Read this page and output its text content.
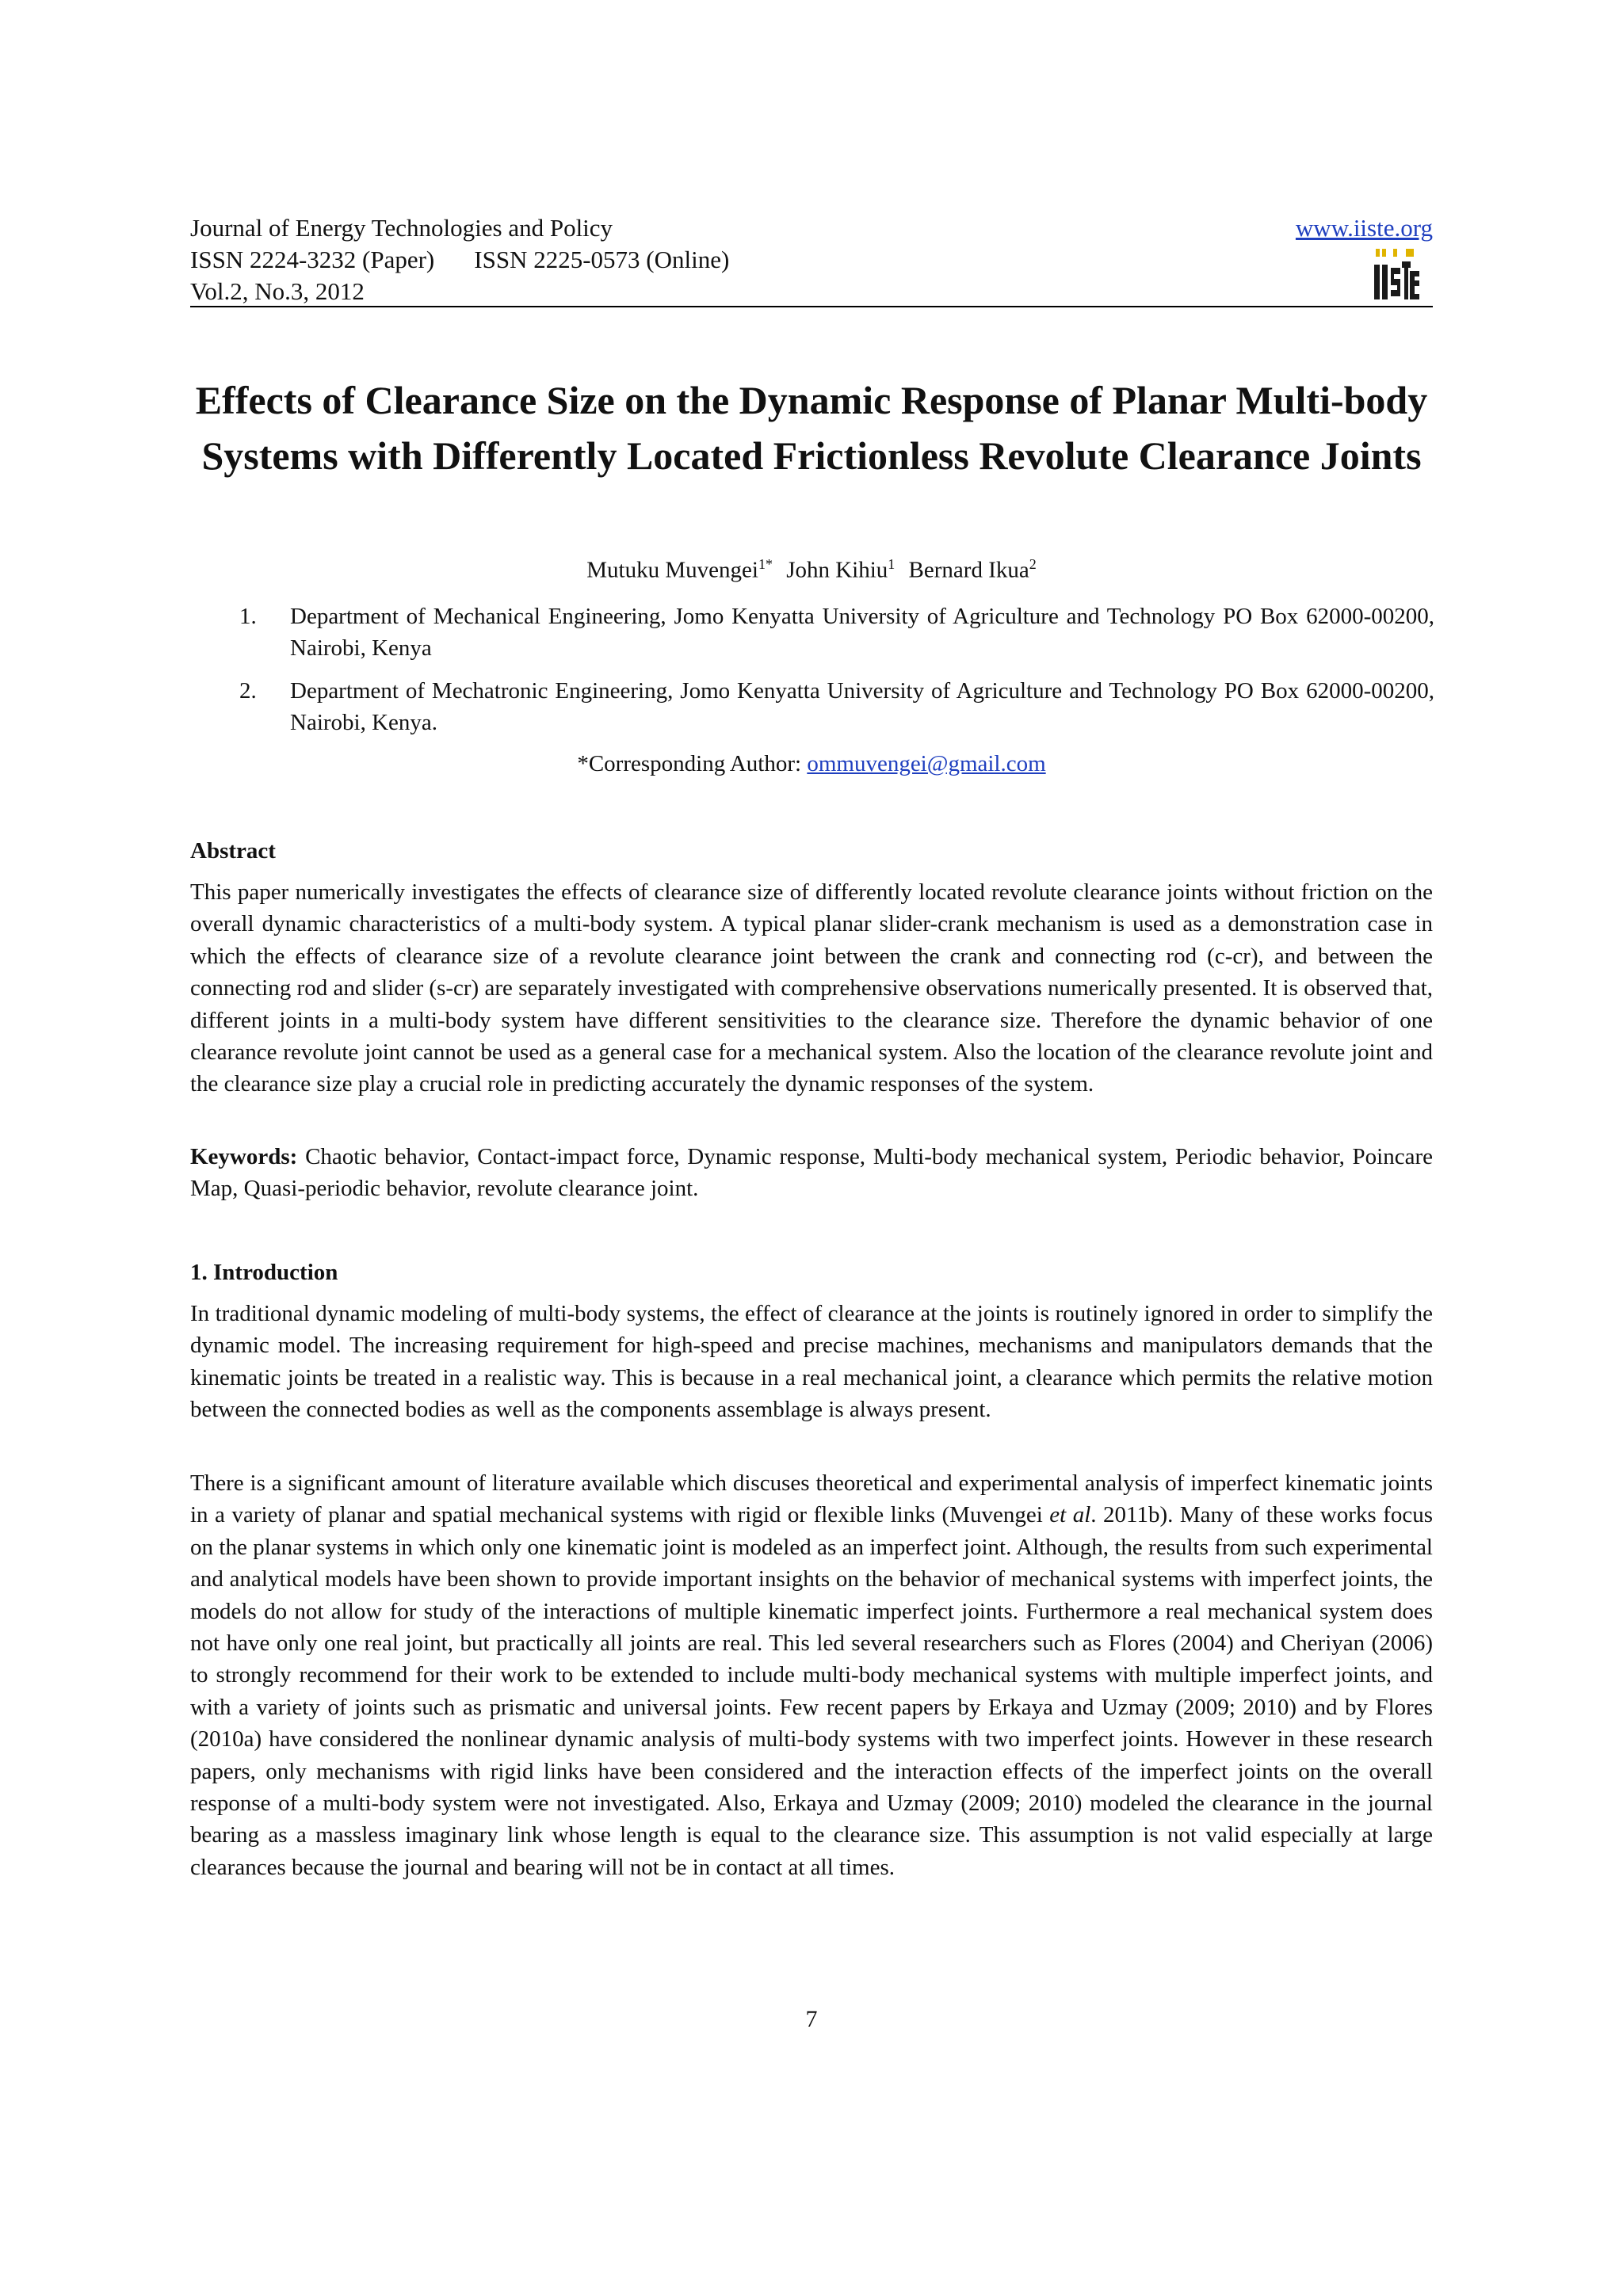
Journal of Energy Technologies and Policy
ISSN 2224-3232 (Paper) ISSN 2225-0573 (Online)
Vol.2, No.3, 2012
www.iiste.org
Effects of Clearance Size on the Dynamic Response of Planar Multi-body Systems with Differently Located Frictionless Revolute Clearance Joints
Mutuku Muvengei$^{1*}$ John Kihiu$^1$ Bernard Ikua$^2$
1. Department of Mechanical Engineering, Jomo Kenyatta University of Agriculture and Technology PO Box 62000-00200, Nairobi, Kenya
2. Department of Mechatronic Engineering, Jomo Kenyatta University of Agriculture and Technology PO Box 62000-00200, Nairobi, Kenya.
*Corresponding Author: ommuvengei@gmail.com
Abstract

This paper numerically investigates the effects of clearance size of differently located revolute clearance joints without friction on the overall dynamic characteristics of a multi-body system. A typical planar slider-crank mechanism is used as a demonstration case in which the effects of clearance size of a revolute clearance joint between the crank and connecting rod (c-cr), and between the connecting rod and slider (s-cr) are separately investigated with comprehensive observations numerically presented. It is observed that, different joints in a multi-body system have different sensitivities to the clearance size. Therefore the dynamic behavior of one clearance revolute joint cannot be used as a general case for a mechanical system. Also the location of the clearance revolute joint and the clearance size play a crucial role in predicting accurately the dynamic responses of the system.

Keywords: Chaotic behavior, Contact-impact force, Dynamic response, Multi-body mechanical system, Periodic behavior, Poincare Map, Quasi-periodic behavior, revolute clearance joint.

1. Introduction

In traditional dynamic modeling of multi-body systems, the effect of clearance at the joints is routinely ignored in order to simplify the dynamic model. The increasing requirement for high-speed and precise machines, mechanisms and manipulators demands that the kinematic joints be treated in a realistic way. This is because in a real mechanical joint, a clearance which permits the relative motion between the connected bodies as well as the components assemblage is always present.

There is a significant amount of literature available which discuses theoretical and experimental analysis of imperfect kinematic joints in a variety of planar and spatial mechanical systems with rigid or flexible links (Muvengei et al. 2011b). Many of these works focus on the planar systems in which only one kinematic joint is modeled as an imperfect joint. Although, the results from such experimental and analytical models have been shown to provide important insights on the behavior of mechanical systems with imperfect joints, the models do not allow for study of the interactions of multiple kinematic imperfect joints. Furthermore a real mechanical system does not have only one real joint, but practically all joints are real. This led several researchers such as Flores (2004) and Cheriyan (2006) to strongly recommend for their work to be extended to include multi-body mechanical systems with multiple imperfect joints, and with a variety of joints such as prismatic and universal joints. Few recent papers by Erkaya and Uzmay (2009; 2010) and by Flores (2010a) have considered the nonlinear dynamic analysis of multi-body systems with two imperfect joints. However in these research papers, only mechanisms with rigid links have been considered and the interaction effects of the imperfect joints on the overall response of a multi-body system were not investigated. Also, Erkaya and Uzmay (2009; 2010) modeled the clearance in the journal bearing as a massless imaginary link whose length is equal to the clearance size. This assumption is not valid especially at large clearances because the journal and bearing will not be in contact at all times.

7
